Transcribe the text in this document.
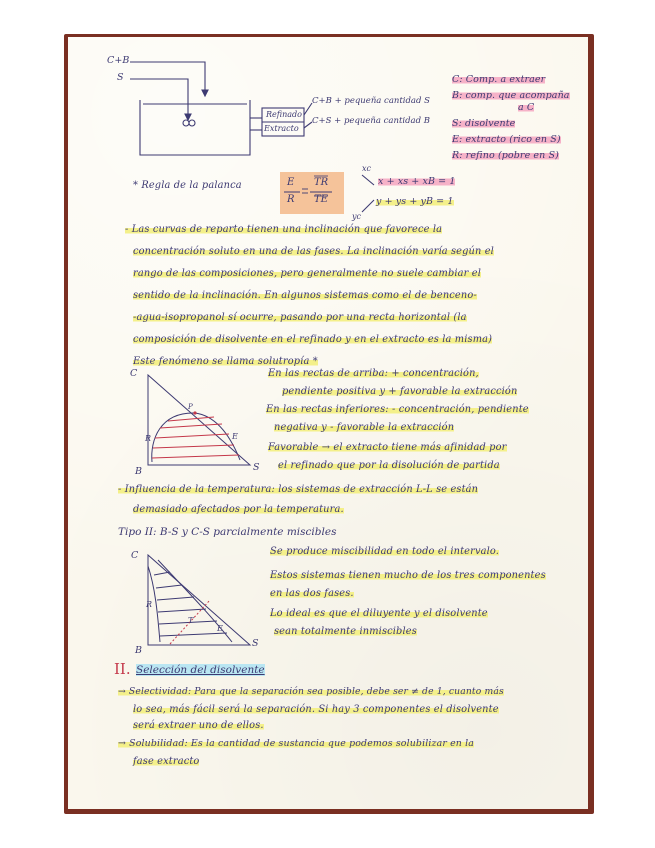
C+B
S
Refinado
Extracto
C+B + pequeña cantidad S
C+S + pequeña cantidad B
C: Comp. a extraer
B: comp. que acompaña
a C
S: disolvente
E: extracto (rico en S)
R: refino (pobre en S)
* Regla de la palanca	E
R
TR
TE
xc
yc
x + xs + xB = 1
y + ys + yB = 1
- Las curvas de reparto tienen una inclinación que favorece la
concentración soluto en una de las fases. La inclinación varía según el
rango de las composiciones, pero generalmente no suele cambiar el
sentido de la inclinación. En algunos sistemas como el de benceno-
-agua-isopropanol sí ocurre, pasando por una recta horizontal (la
composición de disolvente en el refinado y en el extracto es la misma)
Este fenómeno se llama solutropía *
C
B	S
P
R	E
En las rectas de arriba: + concentración,
pendiente positiva y + favorable la extracción
En las rectas inferiores: - concentración, pendiente
negativa y - favorable la extracción
Favorable → el extracto tiene más afinidad por
el refinado que por la disolución de partida
- Influencia de la temperatura: los sistemas de extracción L-L se están
demasiado afectados por la temperatura.
Tipo II: B-S y C-S parcialmente miscibles
C
B
S
R
E
T
Se produce miscibilidad en todo el intervalo.
Estos sistemas tienen mucho de los tres componentes
en las dos fases.
Lo ideal es que el diluyente y el disolvente
sean totalmente inmiscibles
II. Selección del disolvente
→ Selectividad: Para que la separación sea posible, debe ser ≠ de 1, cuanto más
lo sea, más fácil será la separación. Si hay 3 componentes el disolvente
será extraer uno de ellos.
→ Solubilidad: Es la cantidad de sustancia que podemos solubilizar en la
fase extracto
